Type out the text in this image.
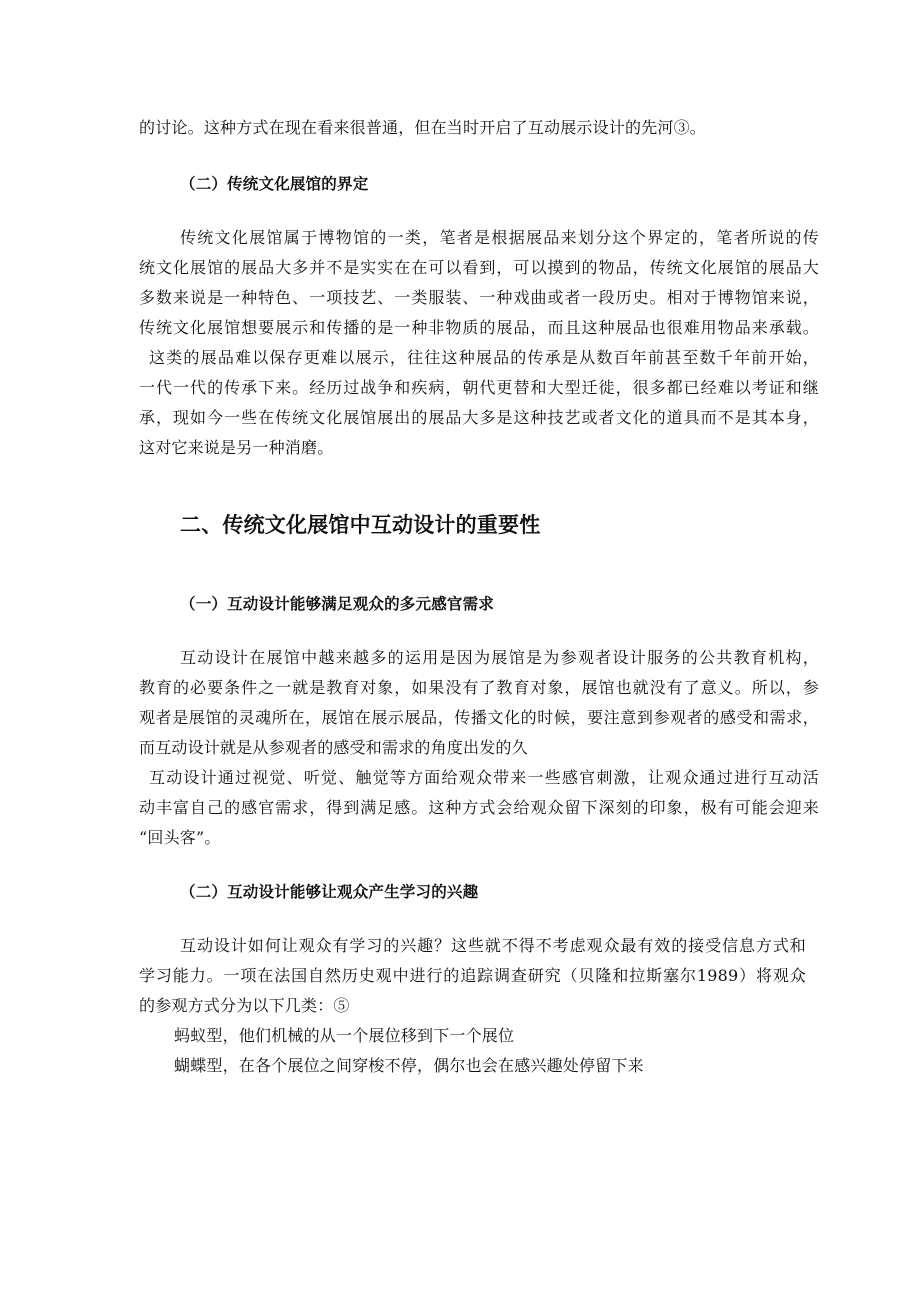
的讨论。这种方式在现在看来很普通，但在当时开启了互动展示设计的先河③。

（二）传统文化展馆的界定

传统文化展馆属于博物馆的一类，笔者是根据展品来划分这个界定的，笔者所说的传

统文化展馆的展品大多并不是实实在在可以看到，可以摸到的物品，传统文化展馆的展品大

多数来说是一种特色、一项技艺、一类服装、一种戏曲或者一段历史。相对于博物馆来说，

传统文化展馆想要展示和传播的是一种非物质的展品，而且这种展品也很难用物品来承载。

这类的展品难以保存更难以展示，往往这种展品的传承是从数百年前甚至数千年前开始，

一代一代的传承下来。经历过战争和疾病，朝代更替和大型迁徙，很多都已经难以考证和继

承，现如今一些在传统文化展馆展出的展品大多是这种技艺或者文化的道具而不是其本身，

这对它来说是另一种消磨。

二、传统文化展馆中互动设计的重要性

（一）互动设计能够满足观众的多元感官需求

互动设计在展馆中越来越多的运用是因为展馆是为参观者设计服务的公共教育机构，

教育的必要条件之一就是教育对象，如果没有了教育对象，展馆也就没有了意义。所以，参

观者是展馆的灵魂所在，展馆在展示展品，传播文化的时候，要注意到参观者的感受和需求，

而互动设计就是从参观者的感受和需求的角度出发的久

互动设计通过视觉、听觉、触觉等方面给观众带来一些感官刺激，让观众通过进行互动活

动丰富自己的感官需求，得到满足感。这种方式会给观众留下深刻的印象，极有可能会迎来

“回头客”。

（二）互动设计能够让观众产生学习的兴趣

互动设计如何让观众有学习的兴趣？这些就不得不考虑观众最有效的接受信息方式和

学习能力。一项在法国自然历史观中进行的追踪调查研究（贝隆和拉斯塞尔1989）将观众

的参观方式分为以下几类：⑤

蚂蚁型，他们机械的从一个展位移到下一个展位

蝴蝶型，在各个展位之间穿梭不停，偶尔也会在感兴趣处停留下来
